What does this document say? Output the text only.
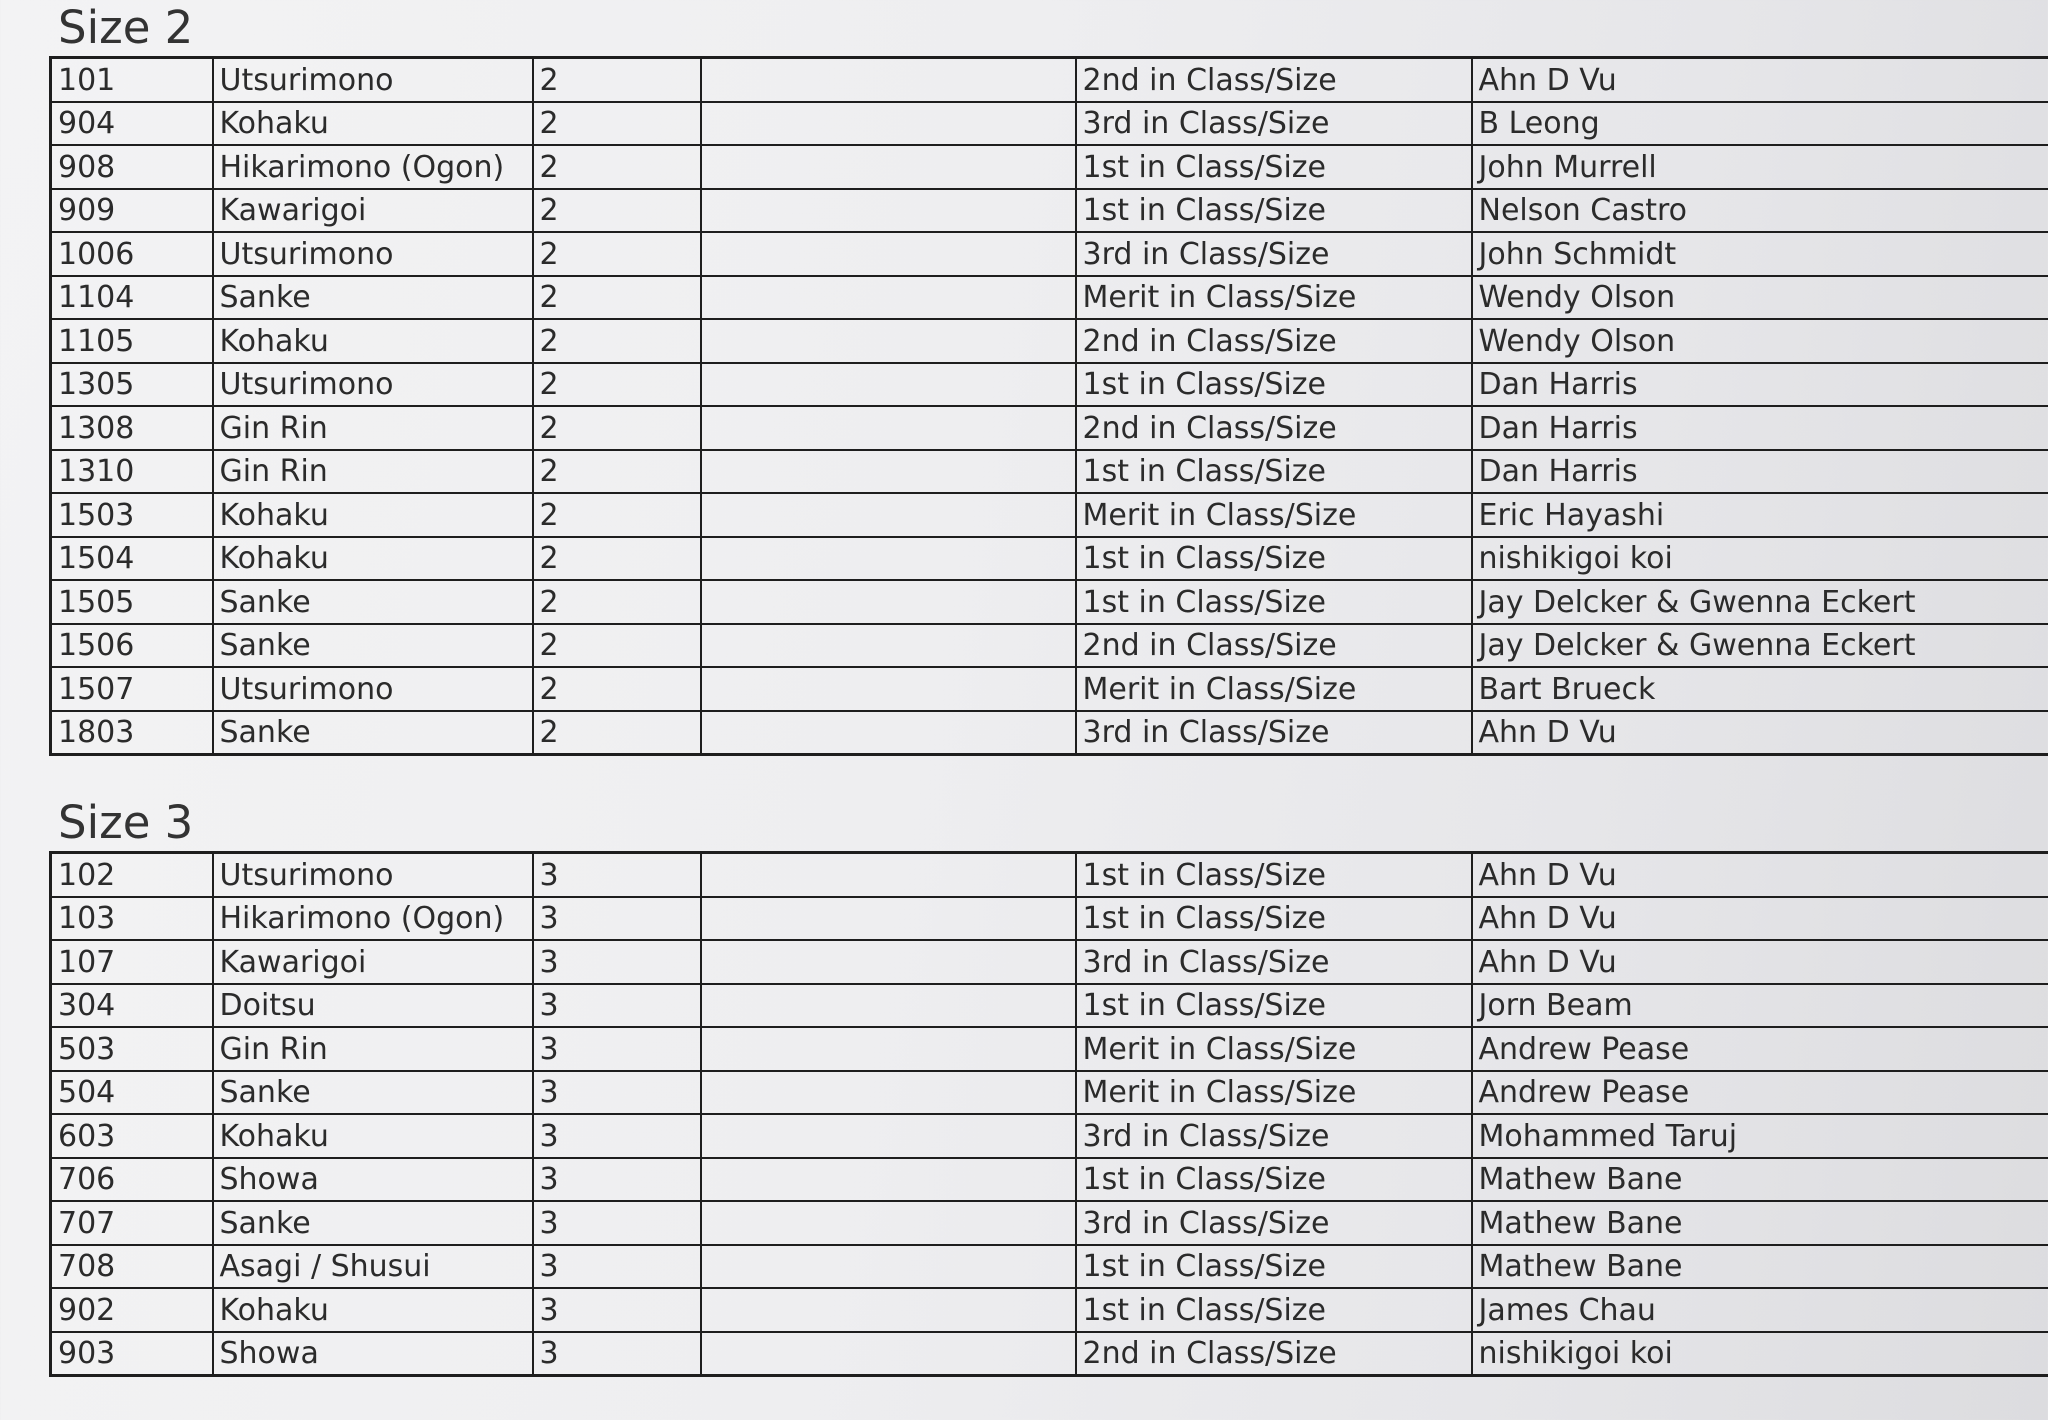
Size 2
101	Utsurimono	2		2nd in Class/Size	Ahn D Vu
904	Kohaku	2		3rd in Class/Size	B Leong
908	Hikarimono (Ogon)	2		1st in Class/Size	John Murrell
909	Kawarigoi	2		1st in Class/Size	Nelson Castro
1006	Utsurimono	2		3rd in Class/Size	John Schmidt
1104	Sanke	2		Merit in Class/Size	Wendy Olson
1105	Kohaku	2		2nd in Class/Size	Wendy Olson
1305	Utsurimono	2		1st in Class/Size	Dan Harris
1308	Gin Rin	2		2nd in Class/Size	Dan Harris
1310	Gin Rin	2		1st in Class/Size	Dan Harris
1503	Kohaku	2		Merit in Class/Size	Eric Hayashi
1504	Kohaku	2		1st in Class/Size	nishikigoi koi
1505	Sanke	2		1st in Class/Size	Jay Delcker & Gwenna Eckert
1506	Sanke	2		2nd in Class/Size	Jay Delcker & Gwenna Eckert
1507	Utsurimono	2		Merit in Class/Size	Bart Brueck
1803	Sanke	2		3rd in Class/Size	Ahn D Vu
Size 3
102	Utsurimono	3		1st in Class/Size	Ahn D Vu
103	Hikarimono (Ogon)	3		1st in Class/Size	Ahn D Vu
107	Kawarigoi	3		3rd in Class/Size	Ahn D Vu
304	Doitsu	3		1st in Class/Size	Jorn Beam
503	Gin Rin	3		Merit in Class/Size	Andrew Pease
504	Sanke	3		Merit in Class/Size	Andrew Pease
603	Kohaku	3		3rd in Class/Size	Mohammed Taruj
706	Showa	3		1st in Class/Size	Mathew Bane
707	Sanke	3		3rd in Class/Size	Mathew Bane
708	Asagi / Shusui	3		1st in Class/Size	Mathew Bane
902	Kohaku	3		1st in Class/Size	James Chau
903	Showa	3		2nd in Class/Size	nishikigoi koi
